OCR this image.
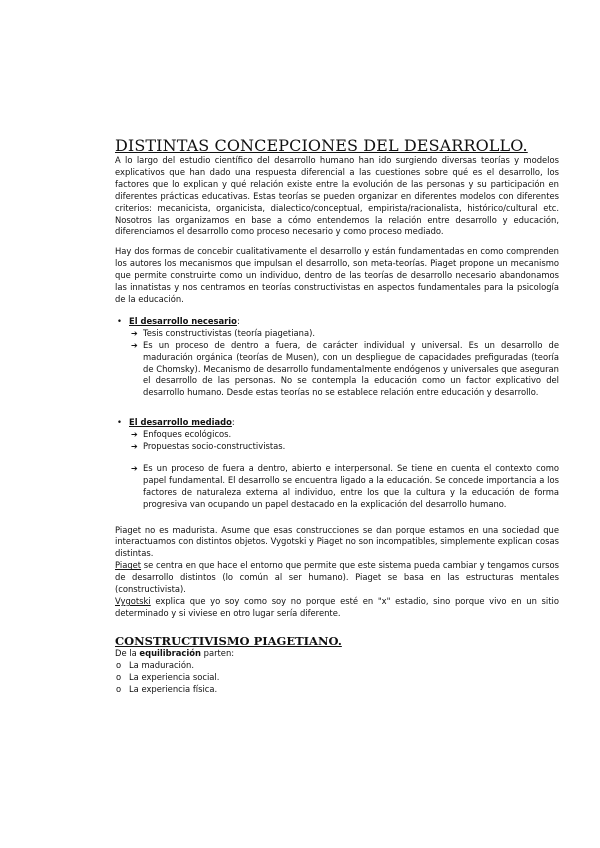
DISTINTAS CONCEPCIONES DEL DESARROLLO.

A lo largo del estudio científico del desarrollo humano han ido surgiendo diversas teorías y modelos explicativos que han dado una respuesta diferencial a las cuestiones sobre qué es el desarrollo, los factores que lo explican y qué relación existe entre la evolución de las personas y su participación en diferentes prácticas educativas. Estas teorías se pueden organizar en diferentes modelos con diferentes criterios: mecanicista, organicista, dialectico/conceptual, empirista/racionalista, histórico/cultural etc. Nosotros las organizamos en base a cómo entendemos la relación entre desarrollo y educación, diferenciamos el desarrollo como proceso necesario y como proceso mediado.

Hay dos formas de concebir cualitativamente el desarrollo y están fundamentadas en como comprenden los autores los mecanismos que impulsan el desarrollo, son meta-teorías. Piaget propone un mecanismo que permite construirte como un individuo, dentro de las teorías de desarrollo necesario abandonamos las innatistas y nos centramos en teorías constructivistas en aspectos fundamentales para la psicología de la educación.

• El desarrollo necesario:
➔ Tesis constructivistas (teoría piagetiana).
➔ Es un proceso de dentro a fuera, de carácter individual y universal. Es un desarrollo de maduración orgánica (teorías de Musen), con un despliegue de capacidades prefiguradas (teoría de Chomsky). Mecanismo de desarrollo fundamentalmente endógenos y universales que aseguran el desarrollo de las personas. No se contempla la educación como un factor explicativo del desarrollo humano. Desde estas teorías no se establece relación entre educación y desarrollo.
• El desarrollo mediado:
➔ Enfoques ecológicos.
➔ Propuestas socio-constructivistas.
➔ Es un proceso de fuera a dentro, abierto e interpersonal. Se tiene en cuenta el contexto como papel fundamental. El desarrollo se encuentra ligado a la educación. Se concede importancia a los factores de naturaleza externa al individuo, entre los que la cultura y la educación de forma progresiva van ocupando un papel destacado en la explicación del desarrollo humano.

Piaget no es madurista. Asume que esas construcciones se dan porque estamos en una sociedad que interactuamos con distintos objetos. Vygotski y Piaget no son incompatibles, simplemente explican cosas distintas.

Piaget se centra en que hace el entorno que permite que este sistema pueda cambiar y tengamos cursos de desarrollo distintos (lo común al ser humano). Piaget se basa en las estructuras mentales (constructivista).

Vygotski explica que yo soy como soy no porque esté en "x" estadio, sino porque vivo en un sitio determinado y si viviese en otro lugar sería diferente.

CONSTRUCTIVISMO PIAGETIANO.

De la equilibración parten:

o La maduración.
o La experiencia social.
o La experiencia física.
